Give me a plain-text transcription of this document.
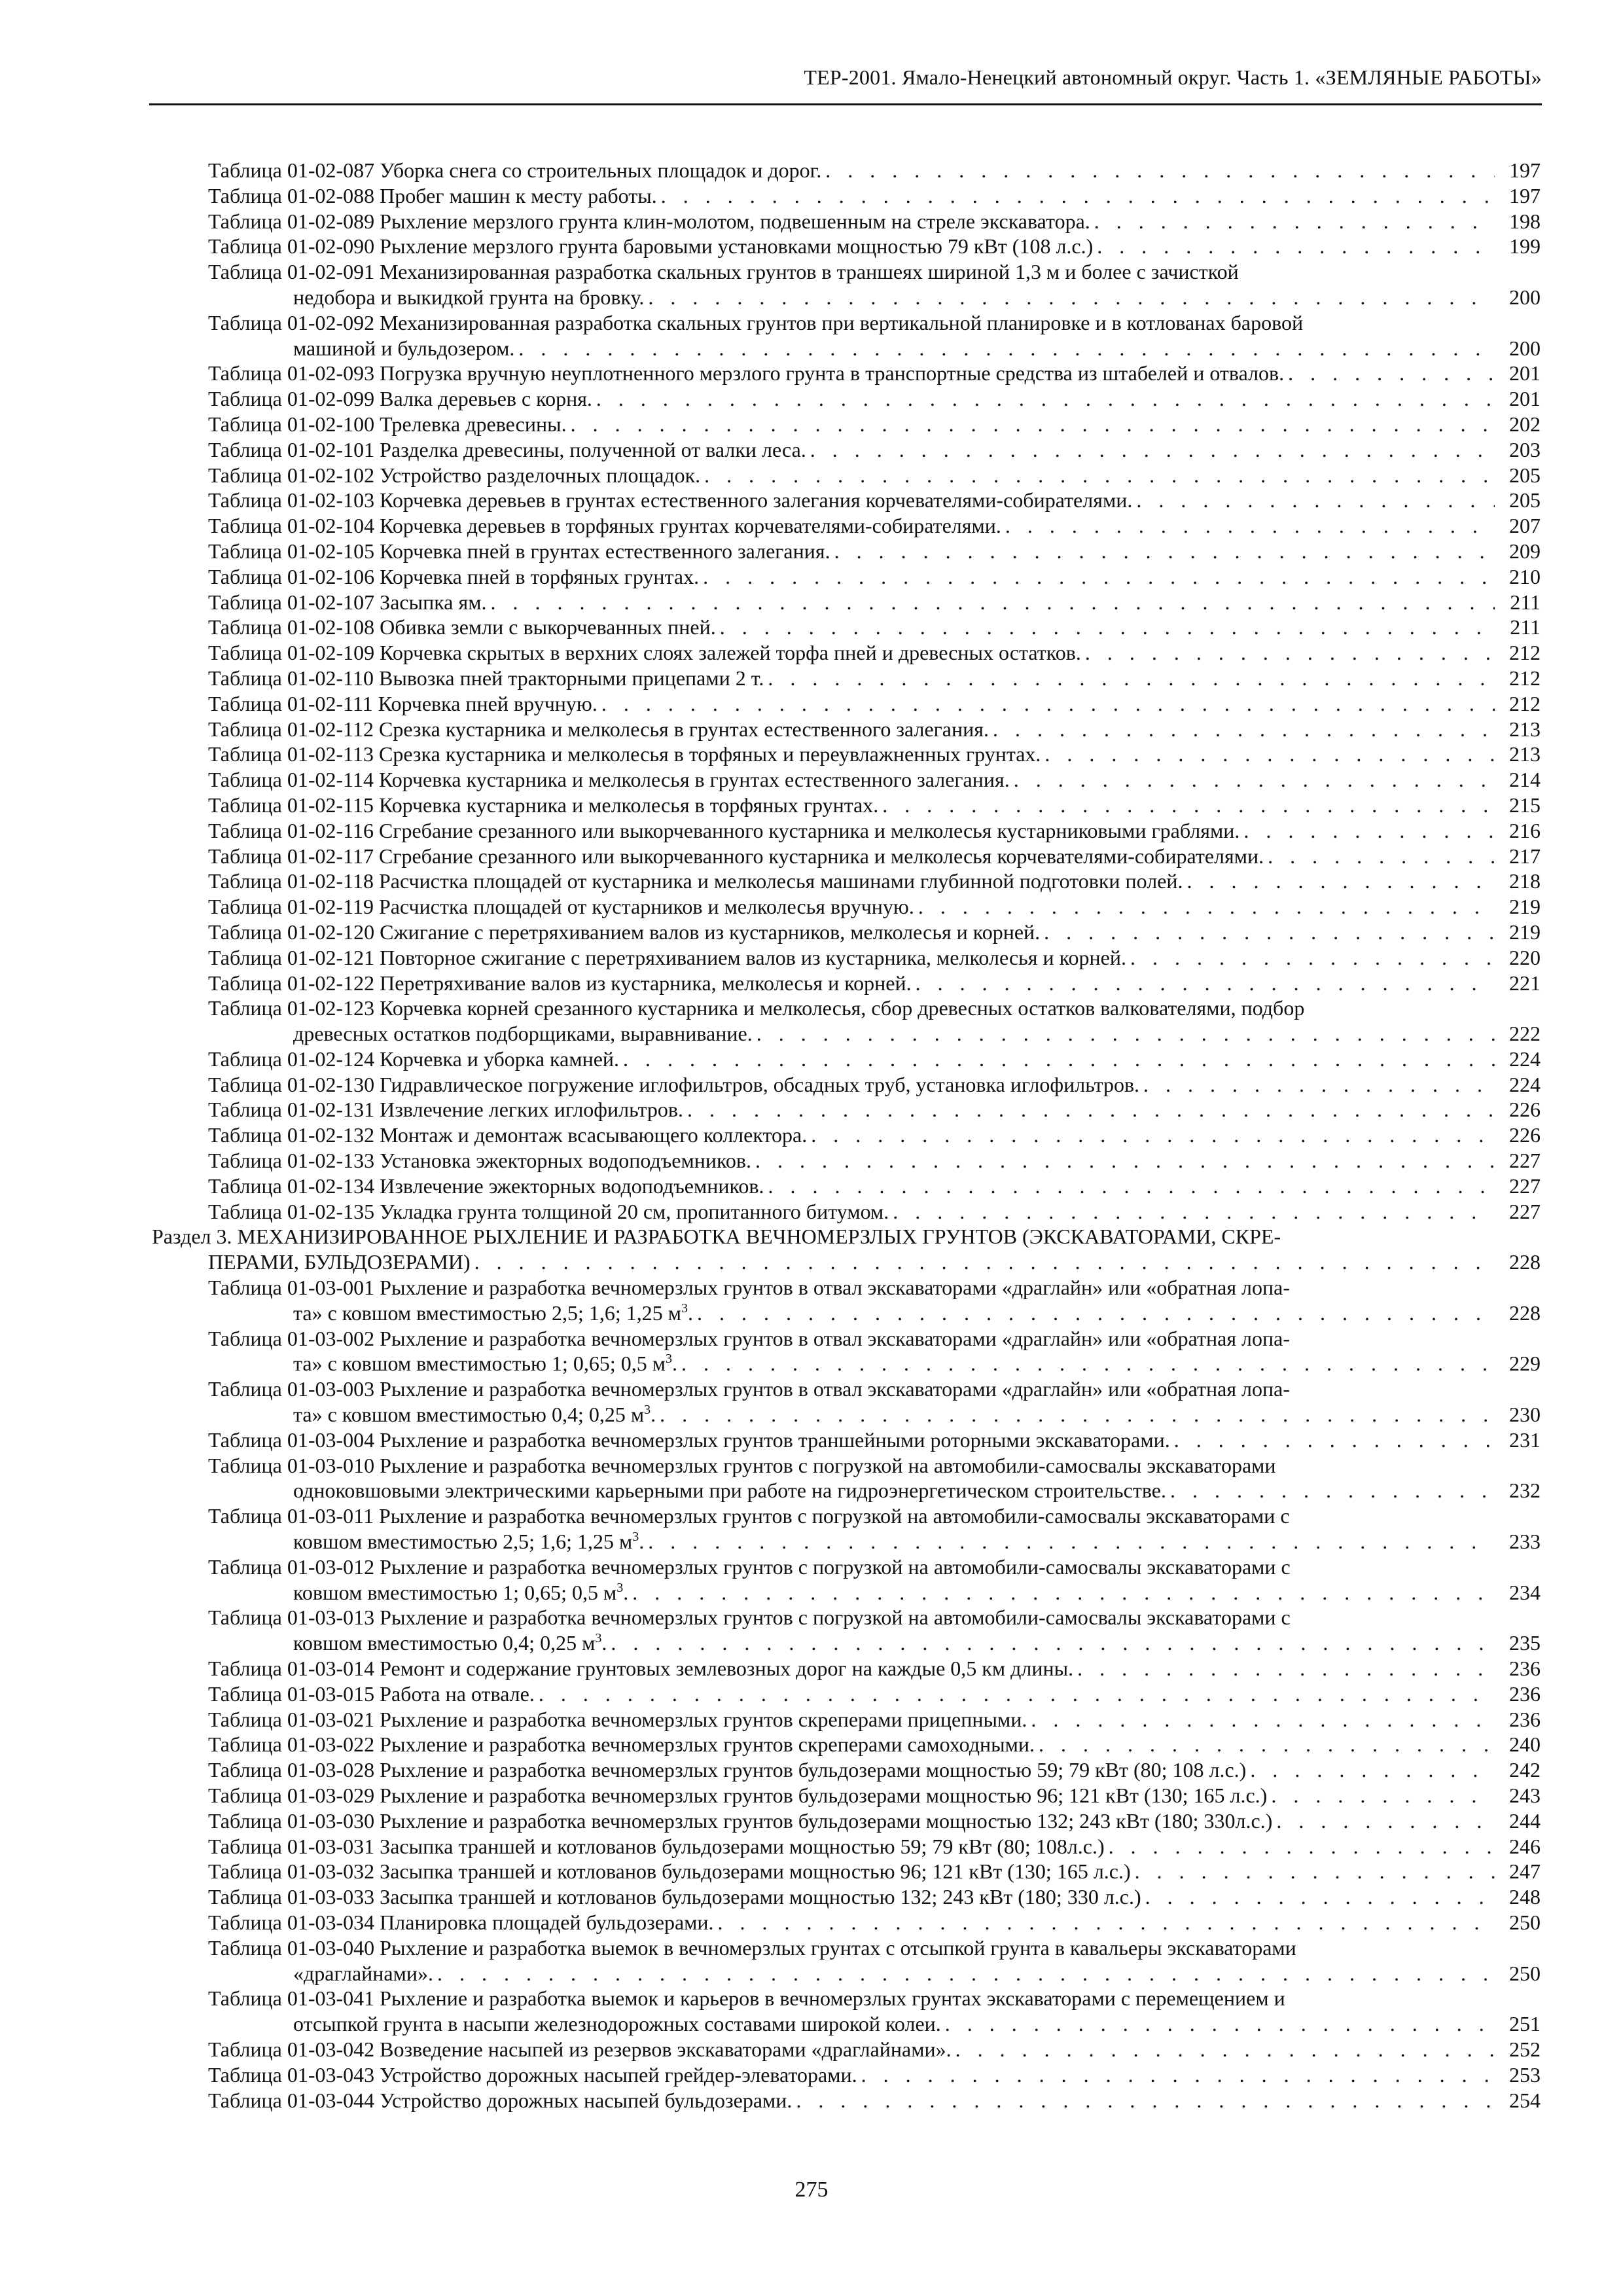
ТЕР-2001. Ямало-Ненецкий автономный округ. Часть 1. «ЗЕМЛЯНЫЕ РАБОТЫ»
Таблица 01-02-087 Уборка снега со строительных площадок и дорог. . . .	197
Таблица 01-02-088 Пробег машин к месту работы. . . .	197
Таблица 01-02-089 Рыхление мерзлого грунта клин-молотом, подвешенным на стреле экскаватора. . . .	198
Таблица 01-02-090 Рыхление мерзлого грунта баровыми установками мощностью 79 кВт (108 л.с.) . . .	199
Таблица 01-02-091 Механизированная разработка скальных грунтов в траншеях шириной 1,3 м и более с зачисткой
недобора и выкидкой грунта на бровку. . . .	200
Таблица 01-02-092 Механизированная разработка скальных грунтов при вертикальной планировке и в котлованах баровой
машиной и бульдозером. . . .	200
Таблица 01-02-093 Погрузка вручную неуплотненного мерзлого грунта в транспортные средства из штабелей и отвалов. . . .	201
Таблица 01-02-099 Валка деревьев с корня. . . .	201
Таблица 01-02-100 Трелевка древесины. . . .	202
Таблица 01-02-101 Разделка древесины, полученной от валки леса. . . .	203
Таблица 01-02-102 Устройство разделочных площадок. . . .	205
Таблица 01-02-103 Корчевка деревьев в грунтах естественного залегания корчевателями-собирателями. . . .	205
Таблица 01-02-104 Корчевка деревьев в торфяных грунтах корчевателями-собирателями. . . .	207
Таблица 01-02-105 Корчевка пней в грунтах естественного залегания. . . .	209
Таблица 01-02-106 Корчевка пней в торфяных грунтах. . . .	210
Таблица 01-02-107 Засыпка ям. . . .	211
Таблица 01-02-108 Обивка земли с выкорчеванных пней. . . .	211
Таблица 01-02-109 Корчевка скрытых в верхних слоях залежей торфа пней и древесных остатков. . . .	212
Таблица 01-02-110 Вывозка пней тракторными прицепами 2 т. . . .	212
Таблица 01-02-111 Корчевка пней вручную. . . .	212
Таблица 01-02-112 Срезка кустарника и мелколесья в грунтах естественного залегания. . . .	213
Таблица 01-02-113 Срезка кустарника и мелколесья в торфяных и переувлажненных грунтах. . . .	213
Таблица 01-02-114 Корчевка кустарника и мелколесья в грунтах естественного залегания. . . .	214
Таблица 01-02-115 Корчевка кустарника и мелколесья в торфяных грунтах. . . .	215
Таблица 01-02-116 Сгребание срезанного или выкорчеванного кустарника и мелколесья кустарниковыми граблями. . . .	216
Таблица 01-02-117 Сгребание срезанного или выкорчеванного кустарника и мелколесья корчевателями-собирателями. . . .	217
Таблица 01-02-118 Расчистка площадей от кустарника и мелколесья машинами глубинной подготовки полей. . . .	218
Таблица 01-02-119 Расчистка площадей от кустарников и мелколесья вручную. . . .	219
Таблица 01-02-120 Сжигание с перетряхиванием валов из кустарников, мелколесья и корней. . . .	219
Таблица 01-02-121 Повторное сжигание с перетряхиванием валов из кустарника, мелколесья и корней. . . .	220
Таблица 01-02-122 Перетряхивание валов из кустарника, мелколесья и корней. . . .	221
Таблица 01-02-123 Корчевка корней срезанного кустарника и мелколесья, сбор древесных остатков валкователями, подбор
древесных остатков подборщиками, выравнивание. . . .	222
Таблица 01-02-124 Корчевка и уборка камней. . . .	224
Таблица 01-02-130 Гидравлическое погружение иглофильтров, обсадных труб, установка иглофильтров. . . .	224
Таблица 01-02-131 Извлечение легких иглофильтров. . . .	226
Таблица 01-02-132 Монтаж и демонтаж всасывающего коллектора. . . .	226
Таблица 01-02-133 Установка эжекторных водоподъемников. . . .	227
Таблица 01-02-134 Извлечение эжекторных водоподъемников. . . .	227
Таблица 01-02-135 Укладка грунта толщиной 20 см, пропитанного битумом. . . .	227
Раздел 3. МЕХАНИЗИРОВАННОЕ РЫХЛЕНИЕ И РАЗРАБОТКА ВЕЧНОМЕРЗЛЫХ ГРУНТОВ (ЭКСКАВАТОРАМИ, СКРЕ-
ПЕРАМИ, БУЛЬДОЗЕРАМИ) . . .	228
Таблица 01-03-001 Рыхление и разработка вечномерзлых грунтов в отвал экскаваторами «драглайн» или «обратная лопа-
та» с ковшом вместимостью 2,5; 1,6; 1,25 $м^3$. . . .	228
Таблица 01-03-002 Рыхление и разработка вечномерзлых грунтов в отвал экскаваторами «драглайн» или «обратная лопа-
та» с ковшом вместимостью 1; 0,65; 0,5 $м^3$. . . .	229
Таблица 01-03-003 Рыхление и разработка вечномерзлых грунтов в отвал экскаваторами «драглайн» или «обратная лопа-
та» с ковшом вместимостью 0,4; 0,25 $м^3$. . . .	230
Таблица 01-03-004 Рыхление и разработка вечномерзлых грунтов траншейными роторными экскаваторами. . . .	231
Таблица 01-03-010 Рыхление и разработка вечномерзлых грунтов с погрузкой на автомобили-самосвалы экскаваторами
одноковшовыми электрическими карьерными при работе на гидроэнергетическом строительстве. . . .	232
Таблица 01-03-011 Рыхление и разработка вечномерзлых грунтов с погрузкой на автомобили-самосвалы экскаваторами с
ковшом вместимостью 2,5; 1,6; 1,25 $м^3$. . . .	233
Таблица 01-03-012 Рыхление и разработка вечномерзлых грунтов с погрузкой на автомобили-самосвалы экскаваторами с
ковшом вместимостью 1; 0,65; 0,5 $м^3$. . . .	234
Таблица 01-03-013 Рыхление и разработка вечномерзлых грунтов с погрузкой на автомобили-самосвалы экскаваторами с
ковшом вместимостью 0,4; 0,25 $м^3$. . . .	235
Таблица 01-03-014 Ремонт и содержание грунтовых землевозных дорог на каждые 0,5 км длины. . . .	236
Таблица 01-03-015 Работа на отвале. . . .	236
Таблица 01-03-021 Рыхление и разработка вечномерзлых грунтов скреперами прицепными. . . .	236
Таблица 01-03-022 Рыхление и разработка вечномерзлых грунтов скреперами самоходными. . . .	240
Таблица 01-03-028 Рыхление и разработка вечномерзлых грунтов бульдозерами мощностью 59; 79 кВт (80; 108 л.с.) . . .	242
Таблица 01-03-029 Рыхление и разработка вечномерзлых грунтов бульдозерами мощностью 96; 121 кВт (130; 165 л.с.) . . .	243
Таблица 01-03-030 Рыхление и разработка вечномерзлых грунтов бульдозерами мощностью 132; 243 кВт (180; 330л.с.) . . .	244
Таблица 01-03-031 Засыпка траншей и котлованов бульдозерами мощностью 59; 79 кВт (80; 108л.с.) . . .	246
Таблица 01-03-032 Засыпка траншей и котлованов бульдозерами мощностью 96; 121 кВт (130; 165 л.с.) . . .	247
Таблица 01-03-033 Засыпка траншей и котлованов бульдозерами мощностью 132; 243 кВт (180; 330 л.с.) . . .	248
Таблица 01-03-034 Планировка площадей бульдозерами. . . .	250
Таблица 01-03-040 Рыхление и разработка выемок в вечномерзлых грунтах с отсыпкой грунта в кавальеры экскаваторами
«драглайнами». . . .	250
Таблица 01-03-041 Рыхление и разработка выемок и карьеров в вечномерзлых грунтах экскаваторами с перемещением и
отсыпкой грунта в насыпи железнодорожных составами широкой колеи. . . .	251
Таблица 01-03-042 Возведение насыпей из резервов экскаваторами «драглайнами». . . .	252
Таблица 01-03-043 Устройство дорожных насыпей грейдер-элеваторами. . . .	253
Таблица 01-03-044 Устройство дорожных насыпей бульдозерами. . . .	254
275
